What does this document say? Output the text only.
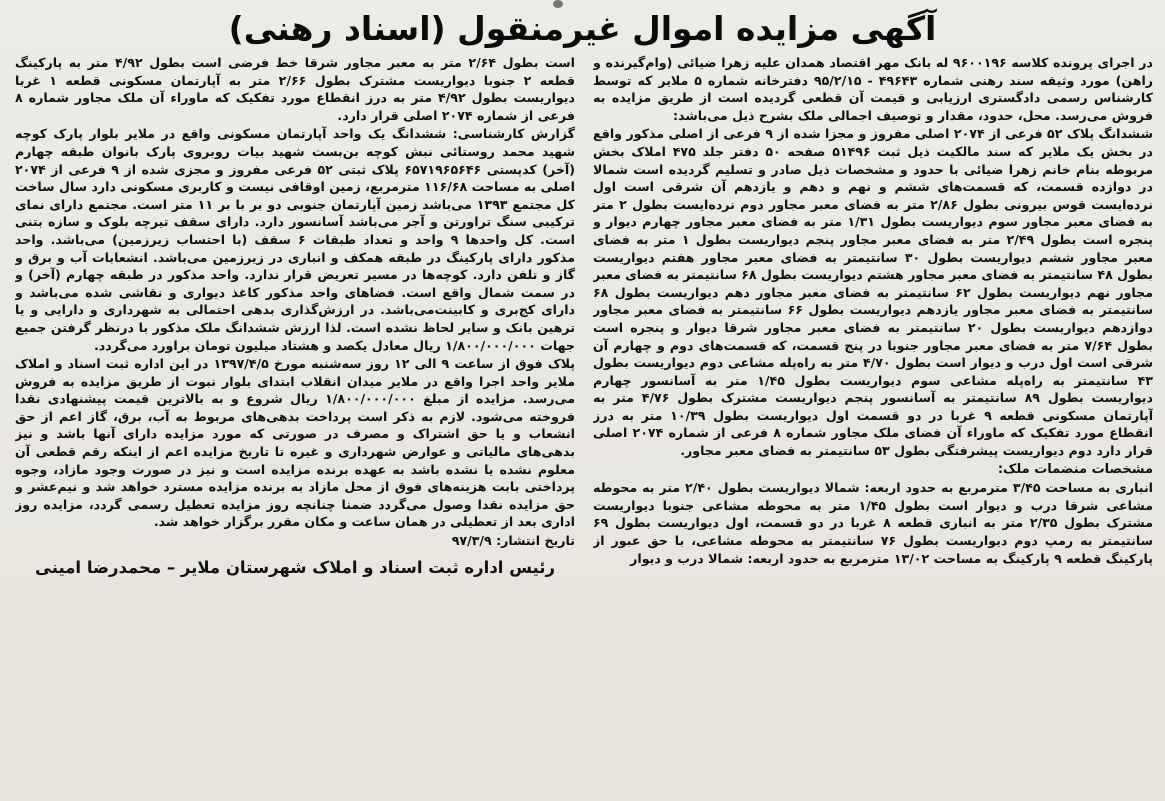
آگهی مزایده اموال غیرمنقول (اسناد رهنی)

در اجرای پرونده کلاسه ۹۶۰۰۱۹۶ له بانک مهر اقتصاد همدان علیه زهرا ضیائی (وام‌گیرنده و راهن) مورد وثیقه سند رهنی شماره ۴۹۶۴۳ - ۹۵/۲/۱۵ دفترخانه شماره ۵ ملایر که توسط کارشناس رسمی دادگستری ارزیابی و قیمت آن قطعی گردیده است از طریق مزایده به فروش می‌رسد. محل، حدود، مقدار و توصیف اجمالی ملک بشرح ذیل می‌باشد:

ششدانگ پلاک ۵۲ فرعی از ۲۰۷۴ اصلی مفروز و مجزا شده از ۹ فرعی از اصلی مذکور واقع در بخش یک ملایر که سند مالکیت ذیل ثبت ۵۱۴۹۶ صفحه ۵۰ دفتر جلد ۴۷۵ املاک بخش مربوطه بنام خانم زهرا ضیائی با حدود و مشخصات ذیل صادر و تسلیم گردیده است شمالا در دوازده قسمت، که قسمت‌های ششم و نهم و دهم و یازدهم آن شرقی است اول نرده‌ایست قوس بیرونی بطول ۲/۸۶ متر به فضای معبر مجاور دوم نرده‌ایست بطول ۲ متر به فضای معبر مجاور سوم دیواریست بطول ۱/۳۱ متر به فضای معبر مجاور چهارم دیوار و پنجره است بطول ۲/۴۹ متر به فضای معبر مجاور پنجم دیواریست بطول ۱ متر به فضای معبر مجاور ششم دیواریست بطول ۳۰ سانتیمتر به فضای معبر مجاور هفتم دیواریست بطول ۴۸ سانتیمتر به فضای معبر مجاور هشتم دیواریست بطول ۶۸ سانتیمتر به فضای معبر مجاور نهم دیواریست بطول ۶۲ سانتیمتر به فضای معبر مجاور دهم دیواریست بطول ۶۸ سانتیمتر به فضای معبر مجاور یازدهم دیواریست بطول ۶۶ سانتیمتر به فضای معبر مجاور دوازدهم دیواریست بطول ۲۰ سانتیمتر به فضای معبر مجاور شرقا دیوار و پنجره است بطول ۷/۶۴ متر به فضای معبر مجاور جنوبا در پنج قسمت، که قسمت‌های دوم و چهارم آن شرقی است اول درب و دیوار است بطول ۴/۷۰ متر به راه‌پله مشاعی دوم دیواریست بطول ۴۳ سانتیمتر به راه‌پله مشاعی سوم دیواریست بطول ۱/۴۵ متر به آسانسور چهارم دیواریست بطول ۸۹ سانتیمتر به آسانسور پنجم دیواریست مشترک بطول ۴/۷۶ متر به آپارتمان مسکونی قطعه ۹ غربا در دو قسمت اول دیواریست بطول ۱۰/۳۹ متر به درز انقطاع مورد تفکیک که ماوراء آن فضای ملک مجاور شماره ۸ فرعی از شماره ۲۰۷۴ اصلی قرار دارد دوم دیواریست پیشرفتگی بطول ۵۳ سانتیمتر به فضای معبر مجاور.

مشخصات منضمات ملک:

انباری به مساحت ۳/۴۵ مترمربع به حدود اربعه: شمالا دیواریست بطول ۲/۴۰ متر به محوطه مشاعی شرقا درب و دیوار است بطول ۱/۴۵ متر به محوطه مشاعی جنوبا دیواریست مشترک بطول ۲/۳۵ متر به انباری قطعه ۸ غربا در دو قسمت، اول دیواریست بطول ۶۹ سانتیمتر به رمپ دوم دیواریست بطول ۷۶ سانتیمتر به محوطه مشاعی، با حق عبور از پارکینگ قطعه ۹ پارکینگ به مساحت ۱۳/۰۲ مترمربع به حدود اربعه: شمالا درب و دیوار

است بطول ۲/۶۴ متر به معبر مجاور شرقا خط فرضی است بطول ۴/۹۲ متر به پارکینگ قطعه ۲ جنوبا دیواریست مشترک بطول ۲/۶۶ متر به آپارتمان مسکونی قطعه ۱ غربا دیواریست بطول ۴/۹۲ متر به درز انقطاع مورد تفکیک که ماوراء آن ملک مجاور شماره ۸ فرعی از شماره ۲۰۷۴ اصلی قرار دارد.

گزارش کارشناسی: ششدانگ یک واحد آپارتمان مسکونی واقع در ملایر بلوار پارک کوچه شهید محمد روستائی نبش کوچه بن‌بست شهید بیات روبروی پارک بانوان طبقه چهارم (آخر) کدپستی ۶۵۷۱۹۶۵۶۴۶ پلاک ثبتی ۵۲ فرعی مفروز و مجزی شده از ۹ فرعی از ۲۰۷۴ اصلی به مساحت ۱۱۶/۶۸ مترمربع، زمین اوقافی نیست و کاربری مسکونی دارد سال ساخت کل مجتمع ۱۳۹۳ می‌باشد زمین آپارتمان جنوبی دو بر با بر ۱۱ متر است. مجتمع دارای نمای ترکیبی سنگ تراورتن و آجر می‌باشد آسانسور دارد. دارای سقف تیرچه بلوک و سازه بتنی است. کل واحدها ۹ واحد و تعداد طبقات ۶ سقف (با احتساب زیرزمین) می‌باشد. واحد مذکور دارای پارکینگ در طبقه همکف و انباری در زیرزمین می‌باشد. انشعابات آب و برق و گاز و تلفن دارد. کوچه‌ها در مسیر تعریض قرار ندارد. واحد مذکور در طبقه چهارم (آخر) و در سمت شمال واقع است. فضاهای واحد مذکور کاغذ دیواری و نقاشی شده می‌باشد و دارای کج‌بری و کابینت‌می‌باشد. در ارزش‌گذاری بدهی احتمالی به شهرداری و دارایی و یا ترهین بانک و سایر لحاظ نشده است. لذا ارزش ششدانگ ملک مذکور با درنظر گرفتن جمیع جهات ۱/۸۰۰/۰۰۰/۰۰۰ ریال معادل یکصد و هشتاد میلیون تومان براورد می‌گردد.

پلاک فوق از ساعت ۹ الی ۱۲ روز سه‌شنبه مورخ ۱۳۹۷/۴/۵ در این اداره ثبت اسناد و املاک ملایر واحد اجرا واقع در ملایر میدان انقلاب ابتدای بلوار نبوت از طریق مزایده به فروش می‌رسد. مزایده از مبلغ ۱/۸۰۰/۰۰۰/۰۰۰ ریال شروع و به بالاترین قیمت پیشنهادی نقدا فروخته می‌شود. لازم به ذکر است پرداخت بدهی‌های مربوط به آب، برق، گاز اعم از حق انشعاب و یا حق اشتراک و مصرف در صورتی که مورد مزایده دارای آنها باشد و نیز بدهی‌های مالیاتی و عوارض شهرداری و غیره تا تاریخ مزایده اعم از اینکه رقم قطعی آن معلوم نشده یا نشده باشد به عهده برنده مزایده است و نیز در صورت وجود مازاد، وجوه پرداختی بابت هزینه‌های فوق از محل مازاد به برنده مزایده مسترد خواهد شد و نیم‌عشر و حق مزایده نقدا وصول می‌گردد ضمنا چنانچه روز مزایده تعطیل رسمی گردد، مزایده روز اداری بعد از تعطیلی در همان ساعت و مکان مقرر برگزار خواهد شد.

تاریخ انتشار: ۹۷/۳/۹

رئیس اداره ثبت اسناد و املاک شهرستان ملایر – محمدرضا امینی
